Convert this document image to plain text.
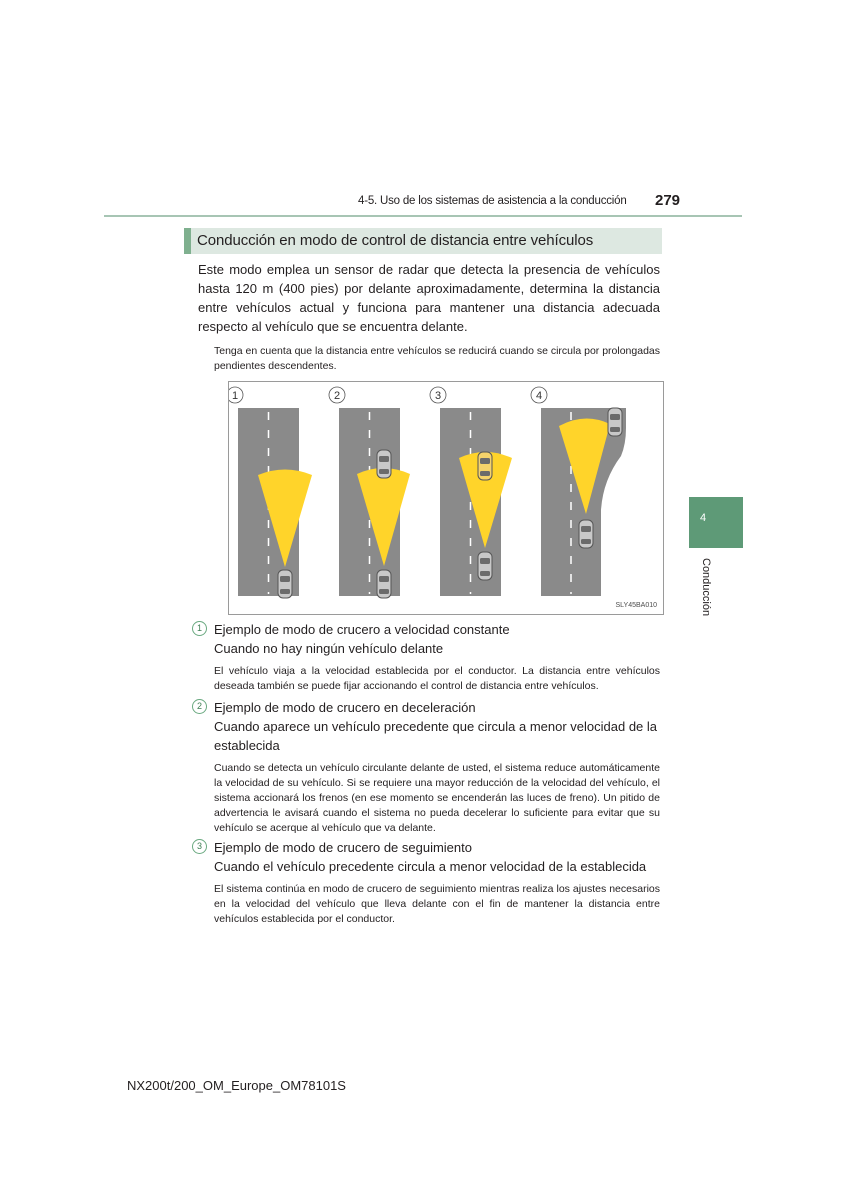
4-5. Uso de los sistemas de asistencia a la conducción 279
Conducción en modo de control de distancia entre vehículos
Este modo emplea un sensor de radar que detecta la presencia de vehículos hasta 120 m (400 pies) por delante aproximadamente, determina la distancia entre vehículos actual y funciona para mantener una distancia adecuada respecto al vehículo que se encuentra delante.
Tenga en cuenta que la distancia entre vehículos se reducirá cuando se circula por prolongadas pendientes descendentes.
1	2	3	4
SLY45BA010
1 Ejemplo de modo de crucero a velocidad constante
Cuando no hay ningún vehículo delante
El vehículo viaja a la velocidad establecida por el conductor. La distancia entre vehículos deseada también se puede fijar accionando el control de distancia entre vehículos.
2 Ejemplo de modo de crucero en deceleración
Cuando aparece un vehículo precedente que circula a menor velocidad de la establecida
Cuando se detecta un vehículo circulante delante de usted, el sistema reduce automáticamente la velocidad de su vehículo. Si se requiere una mayor reducción de la velocidad del vehículo, el sistema accionará los frenos (en ese momento se encenderán las luces de freno). Un pitido de advertencia le avisará cuando el sistema no pueda decelerar lo suficiente para evitar que su vehículo se acerque al vehículo que va delante.
3 Ejemplo de modo de crucero de seguimiento
Cuando el vehículo precedente circula a menor velocidad de la establecida
El sistema continúa en modo de crucero de seguimiento mientras realiza los ajustes necesarios en la velocidad del vehículo que lleva delante con el fin de mantener la distancia entre vehículos establecida por el conductor.
4
Conducción
NX200t/200_OM_Europe_OM78101S
